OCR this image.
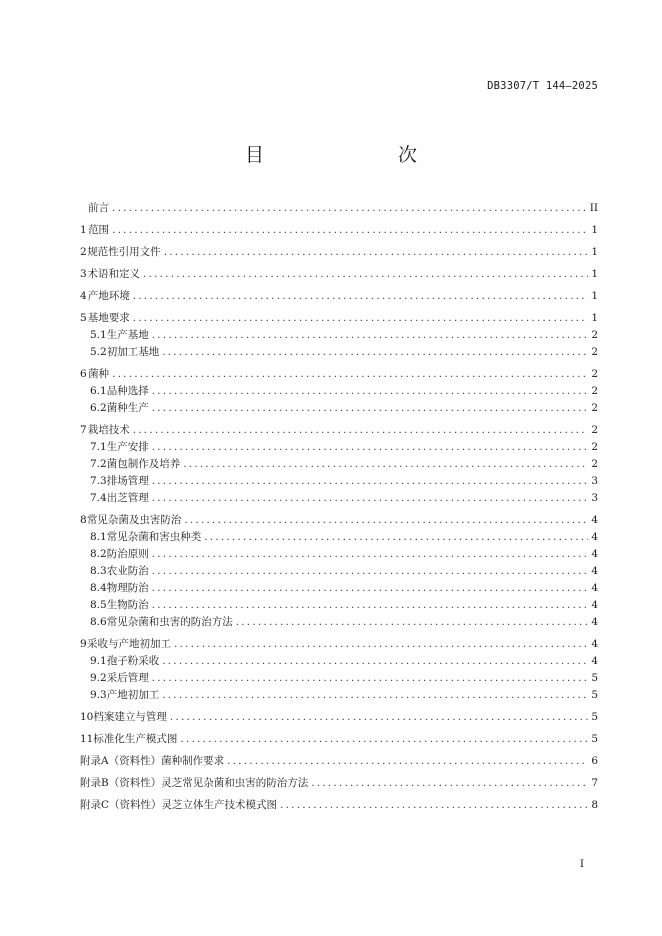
DB3307/T 144—2025
目　　次
前言 .....	II
1 范围 .....	1
2 规范性引用文件 .....	1
3 术语和定义 .....	1
4 产地环境 .....	1
5 基地要求 .....	1
5.1 生产基地 .....	2
5.2 初加工基地 .....	2
6 菌种 .....	2
6.1 品种选择 .....	2
6.2 菌种生产 .....	2
7 栽培技术 .....	2
7.1 生产安排 .....	2
7.2 菌包制作及培养 .....	2
7.3 排场管理 .....	3
7.4 出芝管理 .....	3
8 常见杂菌及虫害防治 .....	4
8.1 常见杂菌和害虫种类 .....	4
8.2 防治原则 .....	4
8.3 农业防治 .....	4
8.4 物理防治 .....	4
8.5 生物防治 .....	4
8.6 常见杂菌和虫害的防治方法 .....	4
9 采收与产地初加工 .....	4
9.1 孢子粉采收 .....	4
9.2 采后管理 .....	5
9.3 产地初加工 .....	5
10 档案建立与管理 .....	5
11 标准化生产模式图 .....	5
附录A（资料性） 菌种制作要求 .....	6
附录B（资料性） 灵芝常见杂菌和虫害的防治方法 .....	7
附录C（资料性） 灵芝立体生产技术模式图 .....	8
I
